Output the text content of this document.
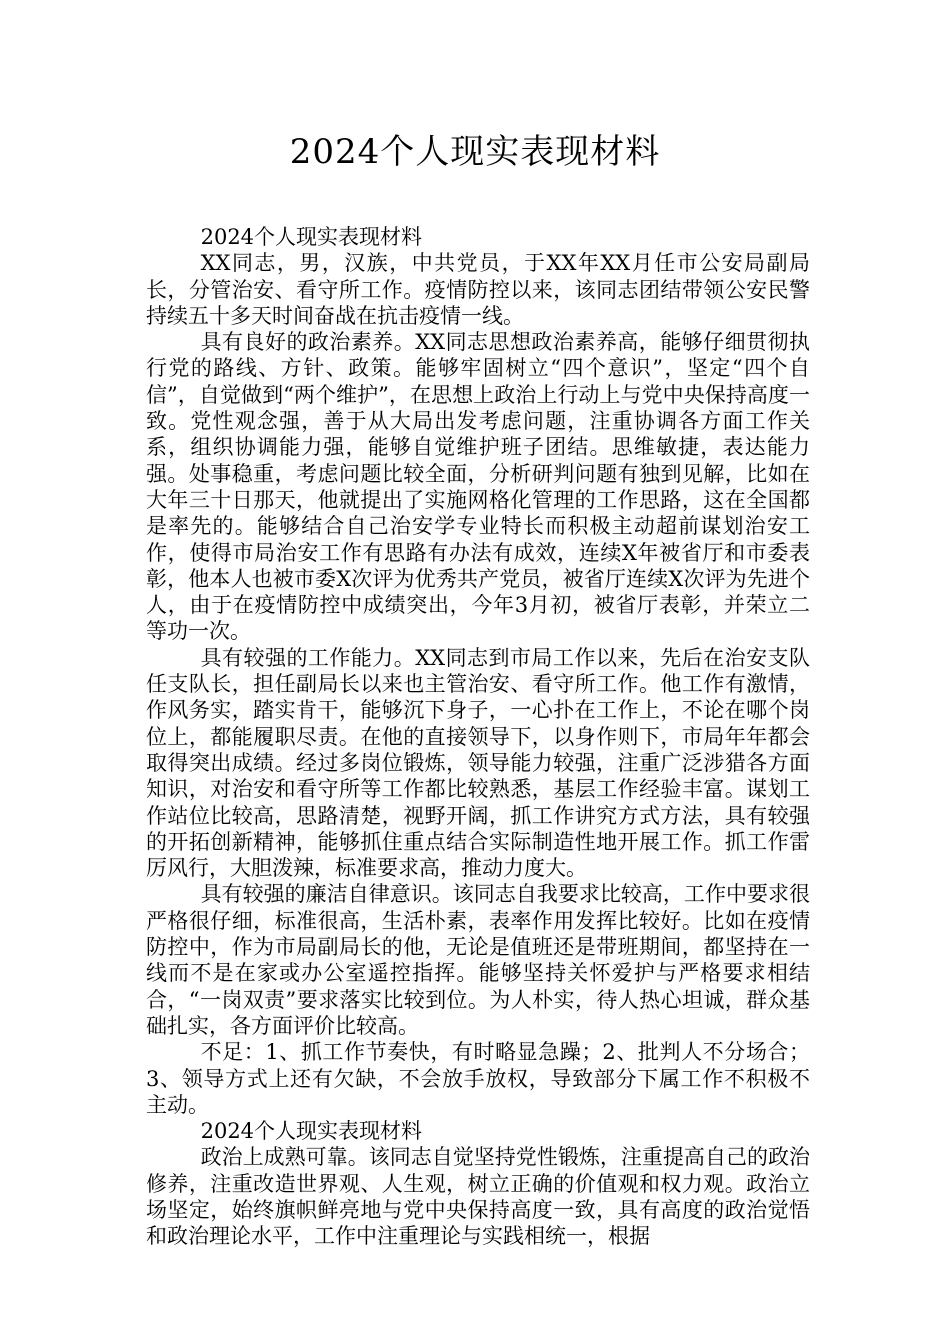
2024个人现实表现材料

2024个人现实表现材料

XX同志，男，汉族，中共党员，于XX年XX月任市公安局副局长，分管治安、看守所工作。疫情防控以来，该同志团结带领公安民警持续五十多天时间奋战在抗击疫情一线。

具有良好的政治素养。XX同志思想政治素养高，能够仔细贯彻执行党的路线、方针、政策。能够牢固树立“四个意识”，坚定“四个自信”，自觉做到“两个维护”，在思想上政治上行动上与党中央保持高度一致。党性观念强，善于从大局出发考虑问题，注重协调各方面工作关系，组织协调能力强，能够自觉维护班子团结。思维敏捷，表达能力强。处事稳重，考虑问题比较全面，分析研判问题有独到见解，比如在大年三十日那天，他就提出了实施网格化管理的工作思路，这在全国都是率先的。能够结合自己治安学专业特长而积极主动超前谋划治安工作，使得市局治安工作有思路有办法有成效，连续X年被省厅和市委表彰，他本人也被市委X次评为优秀共产党员，被省厅连续X次评为先进个人，由于在疫情防控中成绩突出，今年3月初，被省厅表彰，并荣立二等功一次。

具有较强的工作能力。XX同志到市局工作以来，先后在治安支队任支队长，担任副局长以来也主管治安、看守所工作。他工作有激情，作风务实，踏实肯干，能够沉下身子，一心扑在工作上，不论在哪个岗位上，都能履职尽责。在他的直接领导下，以身作则下，市局年年都会取得突出成绩。经过多岗位锻炼，领导能力较强，注重广泛涉猎各方面知识，对治安和看守所等工作都比较熟悉，基层工作经验丰富。谋划工作站位比较高，思路清楚，视野开阔，抓工作讲究方式方法，具有较强的开拓创新精神，能够抓住重点结合实际制造性地开展工作。抓工作雷厉风行，大胆泼辣，标准要求高，推动力度大。

具有较强的廉洁自律意识。该同志自我要求比较高，工作中要求很严格很仔细，标准很高，生活朴素，表率作用发挥比较好。比如在疫情防控中，作为市局副局长的他，无论是值班还是带班期间，都坚持在一线而不是在家或办公室遥控指挥。能够坚持关怀爱护与严格要求相结合，“一岗双责”要求落实比较到位。为人朴实，待人热心坦诚，群众基础扎实，各方面评价比较高。

不足：1、抓工作节奏快，有时略显急躁；2、批判人不分场合；3、领导方式上还有欠缺，不会放手放权，导致部分下属工作不积极不主动。

2024个人现实表现材料

政治上成熟可靠。该同志自觉坚持党性锻炼，注重提高自己的政治修养，注重改造世界观、人生观，树立正确的价值观和权力观。政治立场坚定，始终旗帜鲜亮地与党中央保持高度一致，具有高度的政治觉悟和政治理论水平，工作中注重理论与实践相统一，根据
